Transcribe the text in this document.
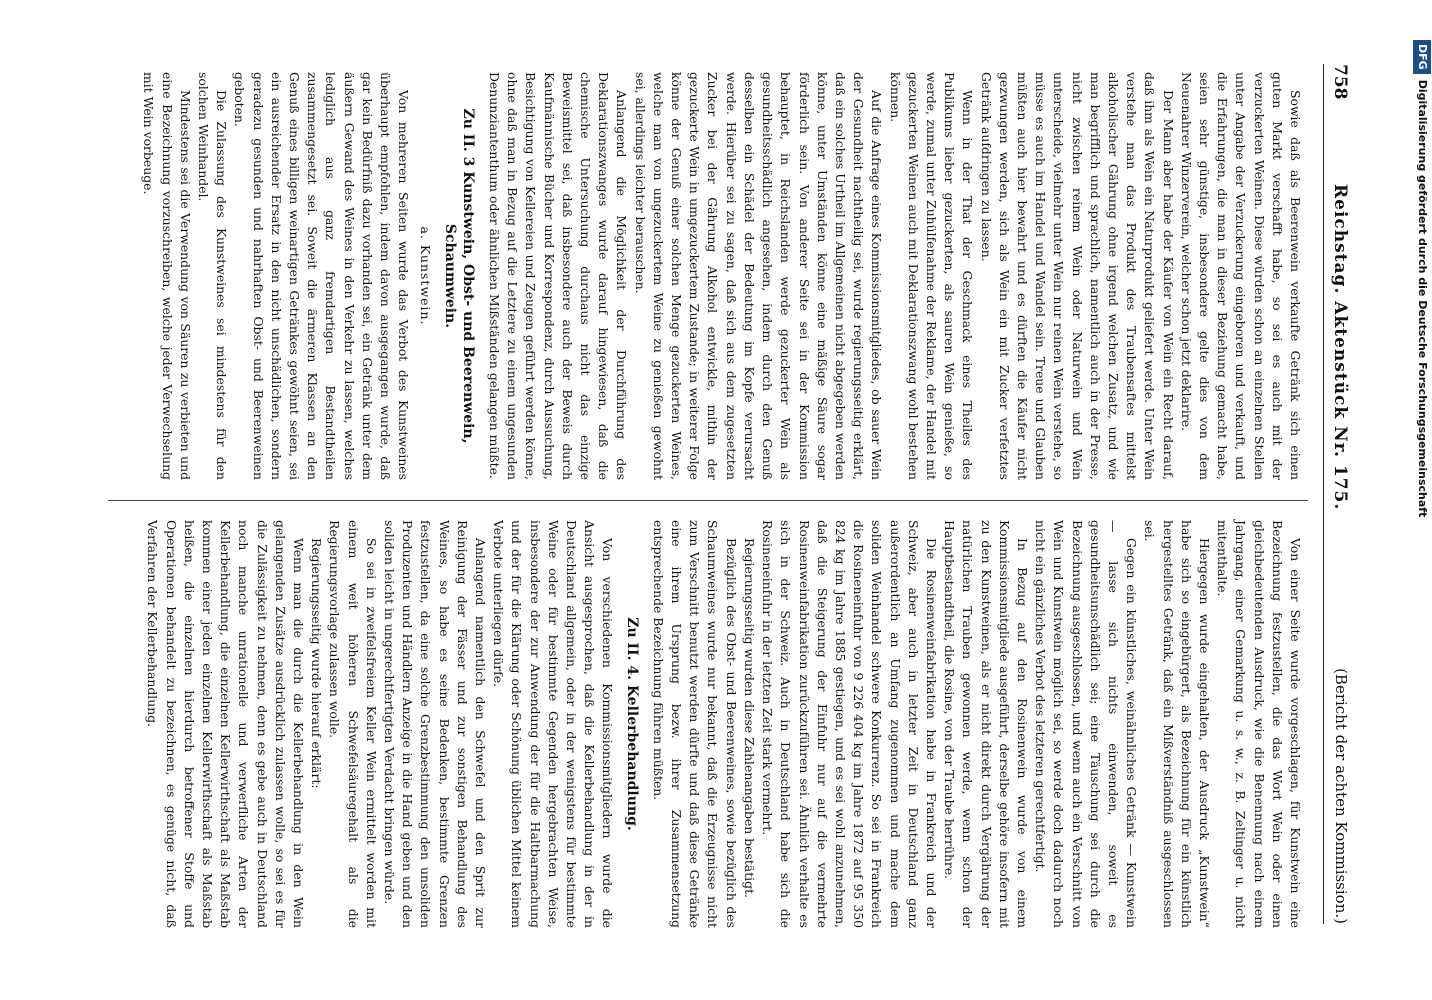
758
Reichstag. Aktenstück Nr. 175.
(Bericht der achten Kommission.)

Sowie daß als Beerenwein verkaufte Getränk sich einen guten Markt verschafft habe, so sei es auch mit der verzuckerten Weinen. Diese würden schon an einzelnen Stellen unter Angabe der Verzuckerung eingeboren und verkauft, und die Erfahrungen, die man in dieser Beziehung gemacht habe, seien sehr günstige, insbesondere gelte dies von dem Neuenahrer Winzerverein, welcher schon jetzt deklarire.

Der Mann aber habe der Käufer von Wein ein Recht darauf, daß ihm als Wein ein Naturprodukt geliefert werde. Unter Wein verstehe man das Produkt des Traubensaftes mittelst alkoholischer Gährung ohne irgend welchen Zusatz, und wie man begrifflich und sprachlich, namentlich auch in der Presse, nicht zwischen reinem Wein oder Naturwein und Wein unterscheide, vielmehr unter Wein nur reinen Wein verstehe, so müsse es auch im Handel und Wandel sein. Treue und Glauben müßten auch hier bewahrt und es dürften die Käufer nicht gezwungen werden, sich als Wein ein mit Zucker verfetztes Getränk aufdringen zu lassen.

Wenn in der That der Geschmack eines Theiles des Publikums lieber gezuckerten, als sauren Wein genieße, so werde, zumal unter Zuhülfenahme der Reklame, der Handel mit gezuckerten Weinen auch mit Deklarationszwang wohl bestehen können.

Auf die Anfrage eines Kommissionsmitgliedes, ob sauer Wein der Gesundheit nachtheilig sei, wurde regierungsseitig erklärt, daß ein solches Urtheil im Allgemeinen nicht abgegeben werden könne, unter Umständen könne eine mäßige Säure sogar förderlich sein. Von anderer Seite sei in der Kommission behauptet, in Reichslanden werde gezuckerter Wein als gesundheitsschädlich angesehen, indem durch den Genuß desselben ein Schädel der Bedeutung im Kopfe verursacht werde. Hierüber sei zu sagen, daß sich aus dem zugesetzten Zucker bei der Gährung Alkohol entwickle, mithin der gezuckerte Wein in umgezuckertem Zustande; in weiterer Folge könne der Genuß einer solchen Menge gezuckerten Weines, welche man von ungezuckertem Weine zu genießen gewohnt sei, allerdings leichter berauschen.

Anlangend die Möglichkeit der Durchführung des Deklarationszwanges wurde darauf hingewiesen, daß die chemische Untersuchung durchaus nicht das einzige Beweismittel sei, daß insbesondere auch der Beweis durch Kaufmännische Bücher und Korrespondenz, durch Aussuchung, Besichtigung von Kellereien und Zeugen geführt werden könne, ohne daß man in Bezug auf die Letztere zu einem ungesunden Denunziantenthum oder ähnlichen Mißständen gelangen müßte.

Zu II. 3 Kunstwein, Obst- und Beerenwein, Schaumwein.
a. Kunstwein.

Von mehreren Seiten wurde das Verbot des Kunstweines überhaupt empfohlen, indem davon ausgegangen wurde, daß gar kein Bedürfniß dazu vorhanden sei, ein Getränk unter dem äußern Gewand des Weines in den Verkehr zu lassen, welches lediglich aus ganz fremdartigen Bestandtheilen zusammengesetzt sei. Soweit die ärmeren Klassen an den Genuß eines billigen weinartigen Getränkes gewöhnt seien, sei ein ausreichender Ersatz in den nicht unschädlichen, sondern geradezu gesunden und nahrhaften Obst- und Beerenweinen geboten.

Die Zulassung des Kunstweines sei mindestens für den solchen Weinhandel.

Mindestens sei die Verwendung von Säuren zu verbieten und eine Bezeichnung vorzuschreiben, welche jeder Verwechselung mit Wein vorbeuge.

Von einer Seite wurde vorgeschlagen, für Kunstwein eine Bezeichnung festzustellen, die das Wort Wein oder einen gleichbedeutenden Ausdruck, wie die Benennung nach einem Jahrgang, einer Gemarkung u. s. w., z. B. Zeltinger u. nicht mitenthalte.

Hiergegen wurde eingehalten, der Ausdruck „Kunstwein“ habe sich so eingebürgert, als Bezeichnung für ein künstlich hergestelltes Getränk, daß ein Mißverständniß ausgeschlossen sei.

Gegen ein künstliches, weinähnliches Getränk — Kunstwein — lasse sich nichts einwenden, soweit es gesundheitsunschädlich sei; eine Täuschung sei durch die Bezeichnung ausgeschlossen, und wenn auch ein Verschnitt von Wein und Kunstwein möglich sei, so werde doch dadurch noch nicht ein gänzliches Verbot des letzteren gerechtfertigt.

In Bezug auf den Rosinenwein wurde von einem Kommissionsmitgliede ausgeführt, derselbe gehöre insofern mit zu den Kunstweinen, als er nicht direkt durch Vergährung der natürlichen Trauben gewonnen werde, wenn schon der Hauptbestandtheil, die Rosine, von der Traube herrühre.

Die Rosinenweinfabrikation habe in Frankreich und der Schweiz, aber auch in letzter Zeit in Deutschland ganz außerordentlich an Umfang zugenommen und mache dem soliden Weinhandel schwere Konkurrenz. So sei in Frankreich die Rosineneinfuhr von 9 226 404 kg im Jahre 1872 auf 95 350 824 kg im Jahre 1885 gestiegen, und es sei wohl anzunehmen, daß die Steigerung der Einfuhr nur auf die vermehrte Rosinenweinfabrikation zurückzuführen sei. Ähnlich verhalte es sich in der Schweiz. Auch in Deutschland habe sich die Rosineneinfuhr in der letzten Zeit stark vermehrt.

Regierungsseitig wurden diese Zahlenangaben bestätigt.

Bezüglich des Obst- und Beerenweines, sowie bezüglich des Schaumweines wurde nur bekannt, daß die Erzeugnisse nicht zum Verschnitt benutzt werden dürfte und daß diese Getränke eine ihrem Ursprung bezw. ihrer Zusammensetzung entsprechende Bezeichnung führen müßten.

Zu II. 4. Kellerbehandlung.

Von verschiedenen Kommissionsmitgliedern wurde die Ansicht ausgesprochen, daß die Kellerbehandlung in der in Deutschland allgemein, oder in der wenigstens für bestimmte Weine oder für bestimmte Gegenden hergebrachten Weise, insbesondere der zur Anwendung der für die Haltbarmachung und der für die Klärung oder Schönung üblichen Mittel keinem Verbote unterliegen dürfe.

Anlangend namentlich den Schwefel und den Sprit zur Reinigung der Fässer und zur sonstigen Behandlung des Weines, so habe es seine Bedenken, bestimmte Grenzen festzustellen, da eine solche Grenzbestimmung den unsoliden Produzenten und Händlern Anzeige in die Hand geben und den soliden leicht in ungerechtfertigten Verdacht bringen würde.

So sei in zweifelsfreiem Keller Wein ermittelt worden mit einem weit höheren Schwefelsäuregehalt als die Regierungsvorlage zulassen wolle.

Regierungsseitig wurde hierauf erklärt:

Wenn man die durch die Kellerbehandlung in den Wein gelangenden Zusätze ausdrücklich zulassen wolle, so sei es für die Zulässigkeit zu nehmen, denn es gebe auch in Deutschland noch manche unrationelle und verwerfliche Arten der Kellerbehandlung, die einzelnen Kellerwirthschaft als Maßstab kommen einer jeden einzelnen Kellerwirthschaft als Maßstab heißen, die einzelnen hierdurch betroffener Stoffe und Operationen behandelt zu bezeichnen, es genüge nicht, daß Verfahren der Kellerbehandlung.

DFGDigitalisierung gefördert durch die Deutsche Forschungsgemeinschaft
